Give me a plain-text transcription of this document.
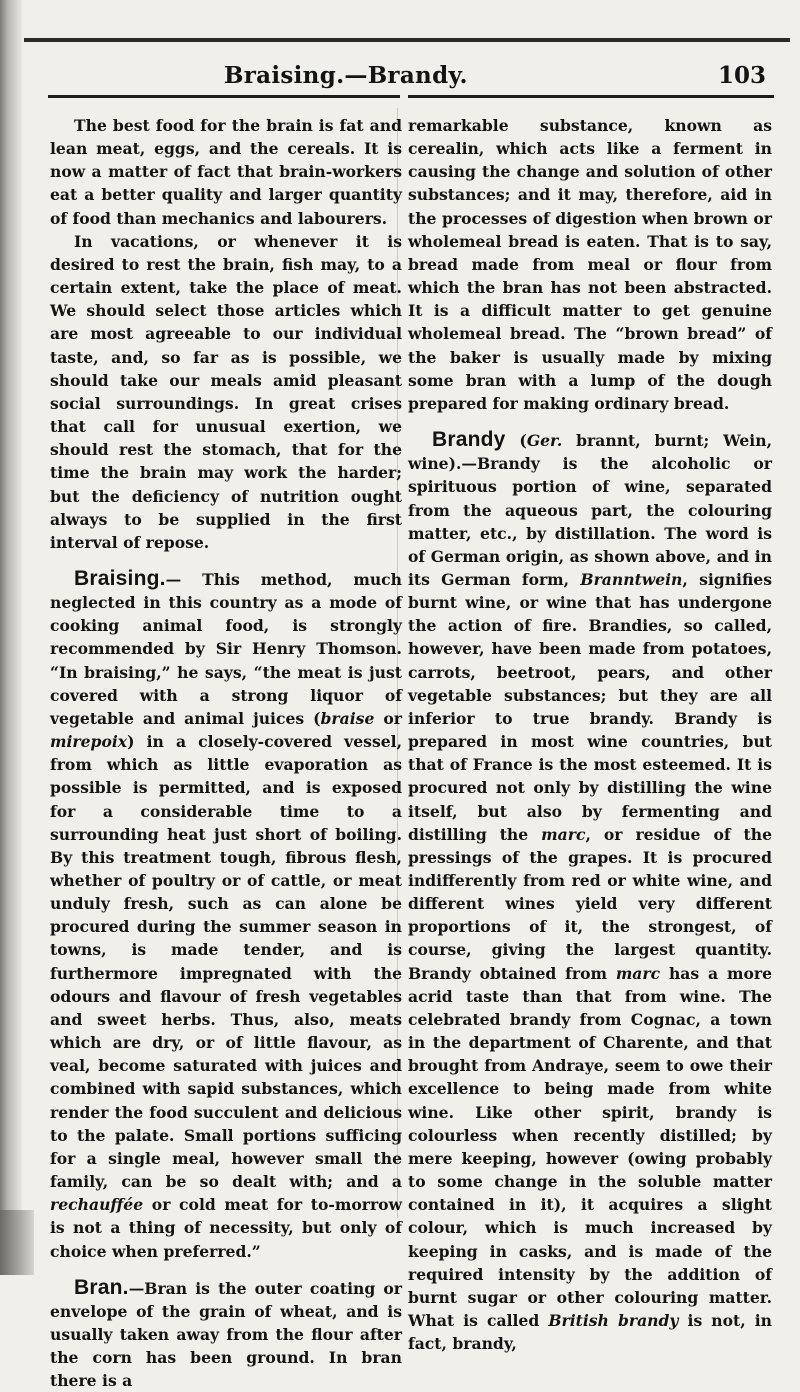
Braising.—Brandy.	103

The best food for the brain is fat and lean meat, eggs, and the cereals. It is now a matter of fact that brain-workers eat a better quality and larger quantity of food than mechanics and labourers.

In vacations, or whenever it is desired to rest the brain, fish may, to a certain extent, take the place of meat. We should select those articles which are most agreeable to our individual taste, and, so far as is possible, we should take our meals amid pleasant social surroundings. In great crises that call for unusual exertion, we should rest the stomach, that for the time the brain may work the harder; but the deficiency of nutrition ought always to be supplied in the first interval of repose.

Braising.— This method, much neglected in this country as a mode of cooking animal food, is strongly recommended by Sir Henry Thomson. “In braising,” he says, “the meat is just covered with a strong liquor of vegetable and animal juices (braise or mirepoix) in a closely-covered vessel, from which as little evaporation as possible is permitted, and is exposed for a considerable time to a surrounding heat just short of boiling. By this treatment tough, fibrous flesh, whether of poultry or of cattle, or meat unduly fresh, such as can alone be procured during the summer season in towns, is made tender, and is furthermore impregnated with the odours and flavour of fresh vegetables and sweet herbs. Thus, also, meats which are dry, or of little flavour, as veal, become saturated with juices and combined with sapid substances, which render the food succulent and delicious to the palate. Small portions sufficing for a single meal, however small the family, can be so dealt with; and a rechauffée or cold meat for to-morrow is not a thing of necessity, but only of choice when preferred.”

Bran.—Bran is the outer coating or envelope of the grain of wheat, and is usually taken away from the flour after the corn has been ground. In bran there is a

remarkable substance, known as cerealin, which acts like a ferment in causing the change and solution of other substances; and it may, therefore, aid in the processes of digestion when brown or wholemeal bread is eaten. That is to say, bread made from meal or flour from which the bran has not been abstracted. It is a difficult matter to get genuine wholemeal bread. The “brown bread” of the baker is usually made by mixing some bran with a lump of the dough prepared for making ordinary bread.

Brandy (Ger. brannt, burnt; Wein, wine).—Brandy is the alcoholic or spirituous portion of wine, separated from the aqueous part, the colouring matter, etc., by distillation. The word is of German origin, as shown above, and in its German form, Branntwein, signifies burnt wine, or wine that has undergone the action of fire. Brandies, so called, however, have been made from potatoes, carrots, beetroot, pears, and other vegetable substances; but they are all inferior to true brandy. Brandy is prepared in most wine countries, but that of France is the most esteemed. It is procured not only by distilling the wine itself, but also by fermenting and distilling the marc, or residue of the pressings of the grapes. It is procured indifferently from red or white wine, and different wines yield very different proportions of it, the strongest, of course, giving the largest quantity. Brandy obtained from marc has a more acrid taste than that from wine. The celebrated brandy from Cognac, a town in the department of Charente, and that brought from Andraye, seem to owe their excellence to being made from white wine. Like other spirit, brandy is colourless when recently distilled; by mere keeping, however (owing probably to some change in the soluble matter contained in it), it acquires a slight colour, which is much increased by keeping in casks, and is made of the required intensity by the addition of burnt sugar or other colouring matter. What is called British brandy is not, in fact, brandy,
